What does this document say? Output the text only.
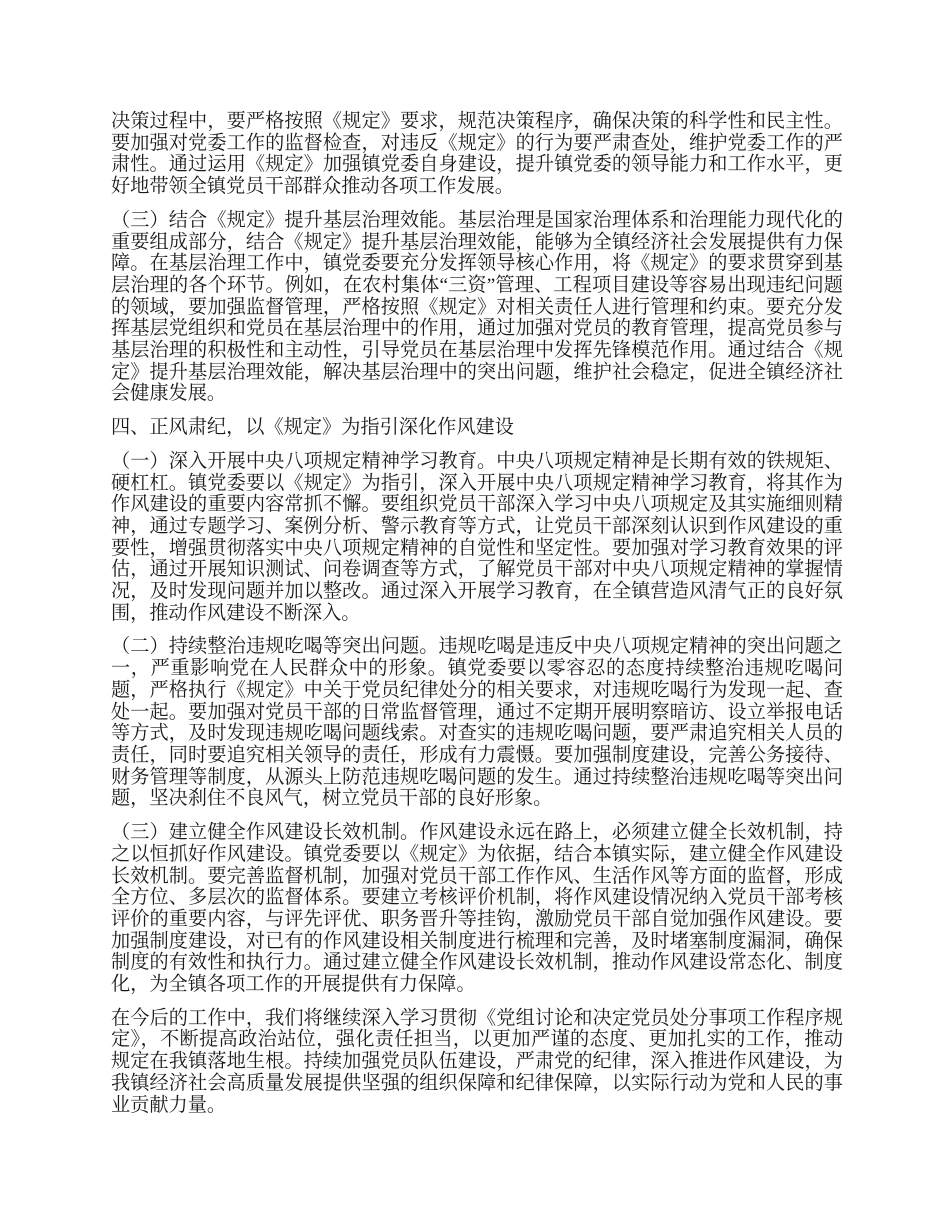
决策过程中，要严格按照《规定》要求，规范决策程序，确保决策的科学性和民主性。要加强对党委工作的监督检查，对违反《规定》的行为要严肃查处，维护党委工作的严肃性。通过运用《规定》加强镇党委自身建设，提升镇党委的领导能力和工作水平，更好地带领全镇党员干部群众推动各项工作发展。

（三）结合《规定》提升基层治理效能。基层治理是国家治理体系和治理能力现代化的重要组成部分，结合《规定》提升基层治理效能，能够为全镇经济社会发展提供有力保障。在基层治理工作中，镇党委要充分发挥领导核心作用，将《规定》的要求贯穿到基层治理的各个环节。例如，在农村集体“三资”管理、工程项目建设等容易出现违纪问题的领域，要加强监督管理，严格按照《规定》对相关责任人进行管理和约束。要充分发挥基层党组织和党员在基层治理中的作用，通过加强对党员的教育管理，提高党员参与基层治理的积极性和主动性，引导党员在基层治理中发挥先锋模范作用。通过结合《规定》提升基层治理效能，解决基层治理中的突出问题，维护社会稳定，促进全镇经济社会健康发展。

四、正风肃纪，以《规定》为指引深化作风建设

（一）深入开展中央八项规定精神学习教育。中央八项规定精神是长期有效的铁规矩、硬杠杠。镇党委要以《规定》为指引，深入开展中央八项规定精神学习教育，将其作为作风建设的重要内容常抓不懈。要组织党员干部深入学习中央八项规定及其实施细则精神，通过专题学习、案例分析、警示教育等方式，让党员干部深刻认识到作风建设的重要性，增强贯彻落实中央八项规定精神的自觉性和坚定性。要加强对学习教育效果的评估，通过开展知识测试、问卷调查等方式，了解党员干部对中央八项规定精神的掌握情况，及时发现问题并加以整改。通过深入开展学习教育，在全镇营造风清气正的良好氛围，推动作风建设不断深入。

（二）持续整治违规吃喝等突出问题。违规吃喝是违反中央八项规定精神的突出问题之一，严重影响党在人民群众中的形象。镇党委要以零容忍的态度持续整治违规吃喝问题，严格执行《规定》中关于党员纪律处分的相关要求，对违规吃喝行为发现一起、查处一起。要加强对党员干部的日常监督管理，通过不定期开展明察暗访、设立举报电话等方式，及时发现违规吃喝问题线索。对查实的违规吃喝问题，要严肃追究相关人员的责任，同时要追究相关领导的责任，形成有力震慑。要加强制度建设，完善公务接待、财务管理等制度，从源头上防范违规吃喝问题的发生。通过持续整治违规吃喝等突出问题，坚决刹住不良风气，树立党员干部的良好形象。

（三）建立健全作风建设长效机制。作风建设永远在路上，必须建立健全长效机制，持之以恒抓好作风建设。镇党委要以《规定》为依据，结合本镇实际，建立健全作风建设长效机制。要完善监督机制，加强对党员干部工作作风、生活作风等方面的监督，形成全方位、多层次的监督体系。要建立考核评价机制，将作风建设情况纳入党员干部考核评价的重要内容，与评先评优、职务晋升等挂钩，激励党员干部自觉加强作风建设。要加强制度建设，对已有的作风建设相关制度进行梳理和完善，及时堵塞制度漏洞，确保制度的有效性和执行力。通过建立健全作风建设长效机制，推动作风建设常态化、制度化，为全镇各项工作的开展提供有力保障。

在今后的工作中，我们将继续深入学习贯彻《党组讨论和决定党员处分事项工作程序规定》，不断提高政治站位，强化责任担当，以更加严谨的态度、更加扎实的工作，推动规定在我镇落地生根。持续加强党员队伍建设，严肃党的纪律，深入推进作风建设，为我镇经济社会高质量发展提供坚强的组织保障和纪律保障，以实际行动为党和人民的事业贡献力量。
